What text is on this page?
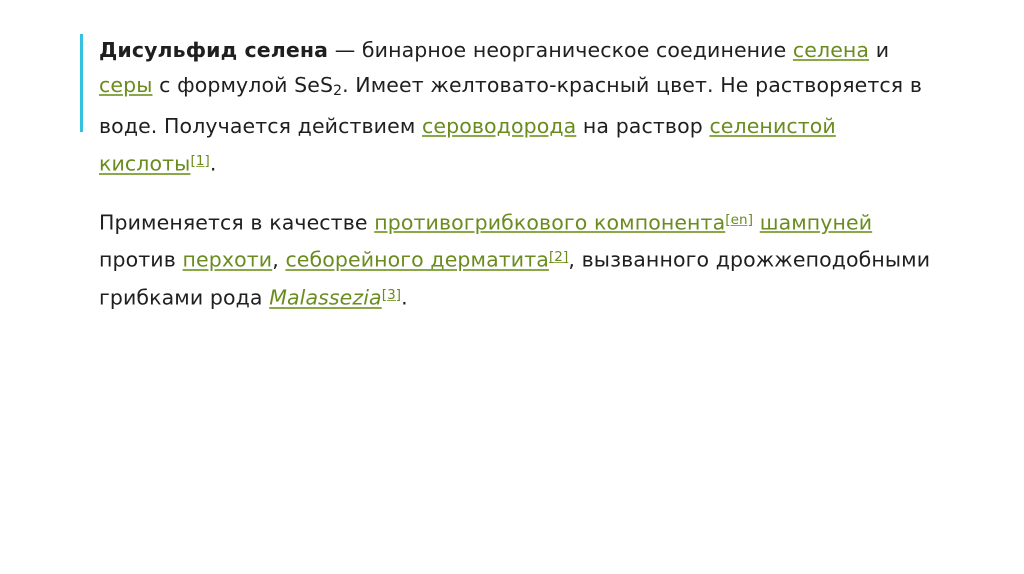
Дисульфид селена — бинарное неорганическое соединение селена и серы с формулой SeS$_2$. Имеет желтовато-красный цвет. Не растворяется в воде. Получается действием сероводорода на раствор селенистой кислоты[1].

Применяется в качестве противогрибкового компонента[en] шампуней против перхоти, себорейного дерматита[2], вызванного дрожжеподобными грибками рода Malassezia[3].
